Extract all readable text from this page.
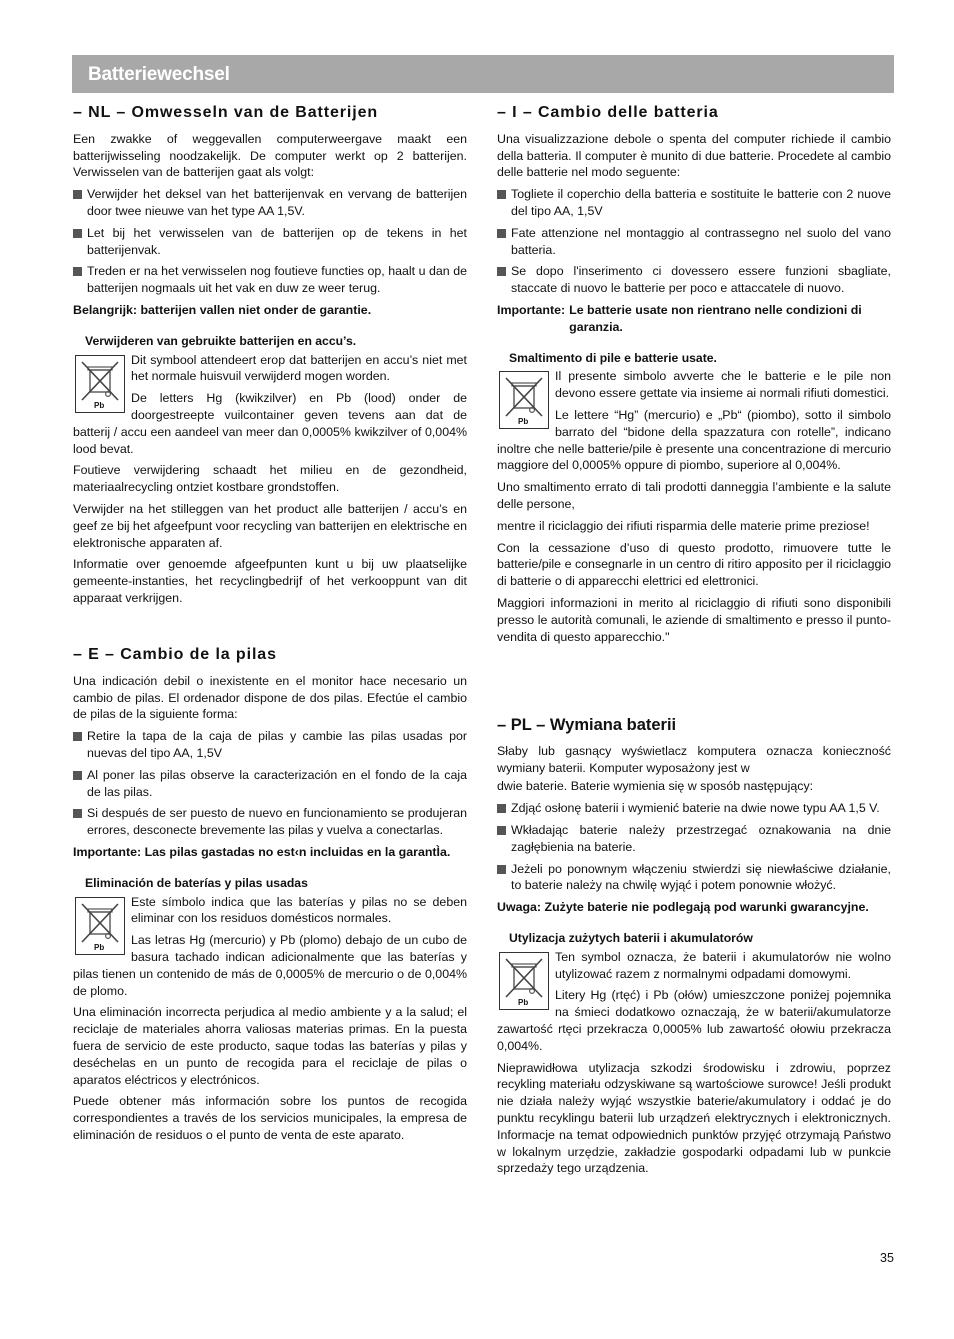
Batteriewechsel
– NL – Omwesseln van de Batterijen

Een zwakke of weggevallen computerweergave maakt een batterijwisseling noodzakelijk. De computer werkt op 2 batterijen. Verwisselen van de batterijen gaat als volgt:

Verwijder het deksel van het batterijenvak en vervang de batterijen door twee nieuwe van het type AA 1,5V.
Let bij het verwisselen van de batterijen op de tekens in het batterijenvak.
Treden er na het verwisselen nog foutieve functies op, haalt u dan de batterijen nogmaals uit het vak en duw ze weer terug.
Belangrijk: batterijen vallen niet onder de garantie.
Verwijderen van gebruikte batterijen en accu’s.
Pb

Dit symbool attendeert erop dat batterijen en accu’s niet met het normale huisvuil verwijderd mogen worden.

De letters Hg (kwikzilver) en Pb (lood) onder de doorgestreepte vuilcontainer geven tevens aan dat de batterij / accu een aandeel van meer dan 0,0005% kwikzilver of 0,004% lood bevat.

Foutieve verwijdering schaadt het milieu en de gezondheid, materiaalrecycling ontziet kostbare grondstoffen.

Verwijder na het stilleggen van het product alle batterijen / accu’s en geef ze bij het afgeefpunt voor recycling van batterijen en elektrische en elektronische apparaten af.

Informatie over genoemde afgeefpunten kunt u bij uw plaatselijke gemeente-instanties, het recyclingbedrijf of het verkooppunt van dit apparaat verkrijgen.

– E – Cambio de la pilas

Una indicación debil o inexistente en el monitor hace necesario un cambio de pilas. El ordenador dispone de dos pilas. Efectúe el cambio de pilas de la siguiente forma:

Retire la tapa de la caja de pilas y cambie las pilas usadas por nuevas del tipo AA, 1,5V
Al poner las pilas observe la caracterización en el fondo de la caja de las pilas.
Si después de ser puesto de nuevo en funcionamiento se produjeran errores, desconecte brevemente las pilas y vuelva a conectarlas.
Importante: Las pilas gastadas no est‹n incluidas en la garantÌa.
Eliminación de baterías y pilas usadas
Pb

Este símbolo indica que las baterías y pilas no se deben eliminar con los residuos domésticos normales.

Las letras Hg (mercurio) y Pb (plomo) debajo de un cubo de basura tachado indican adicionalmente que las baterías y pilas tienen un contenido de más de 0,0005% de mercurio o de 0,004% de plomo.

Una eliminación incorrecta perjudica al medio ambiente y a la salud; el reciclaje de materiales ahorra valiosas materias primas. En la puesta fuera de servicio de este producto, saque todas las baterías y pilas y deséchelas en un punto de recogida para el reciclaje de pilas o aparatos eléctricos y electrónicos.

Puede obtener más información sobre los puntos de recogida correspondientes a través de los servicios municipales, la empresa de eliminación de residuos o el punto de venta de este aparato.

– I – Cambio delle batteria

Una visualizzazione debole o spenta del computer richiede il cambio della batteria. Il computer è munito di due batterie. Procedete al cambio delle batterie nel modo seguente:

Togliete il coperchio della batteria e sostituite le batterie con 2 nuove del tipo AA, 1,5V
Fate attenzione nel montaggio al contrassegno nel suolo del vano batteria.
Se dopo l'inserimento ci dovessero essere funzioni sbagliate, staccate di nuovo le batterie per poco e attaccatele di nuovo.
Importante: Le batterie usate non rientrano nelle condizioni di garanzia.
Smaltimento di pile e batterie usate.
Pb

Il presente simbolo avverte che le batterie e le pile non devono essere gettate via insieme ai normali rifiuti domestici.

Le lettere “Hg” (mercurio) e „Pb“ (piombo), sotto il simbolo barrato del “bidone della spazzatura con rotelle”, indicano inoltre che nelle batterie/pile è presente una concentrazione di mercurio maggiore del 0,0005% oppure di piombo, superiore al 0,004%.

Uno smaltimento errato di tali prodotti danneggia l’ambiente e la salute delle persone,

mentre il riciclaggio dei rifiuti risparmia delle materie prime preziose!

Con la cessazione d’uso di questo prodotto, rimuovere tutte le batterie/pile e consegnarle in un centro di ritiro apposito per il riciclaggio di batterie o di apparecchi elettrici ed elettronici.

Maggiori informazioni in merito al riciclaggio di rifiuti sono disponibili presso le autorità comunali, le aziende di smaltimento e presso il punto-vendita di questo apparecchio."

– PL – Wymiana baterii

Słaby lub gasnący wyświetlacz komputera oznacza konieczność wymiany baterii. Komputer wyposażony jest w

dwie baterie. Baterie wymienia się w sposób następujący:

Zdjąć osłonę baterii i wymienić baterie na dwie nowe typu AA 1,5 V.
Wkładając baterie należy przestrzegać oznakowania na dnie zagłębienia na baterie.
Jeżeli po ponownym włączeniu stwierdzi się niewłaściwe działanie, to baterie należy na chwilę wyjąć i potem ponownie włożyć.
Uwaga: Zużyte baterie nie podlegają pod warunki gwarancyjne.
Utylizacja zużytych baterii i akumulatorów
Pb

Ten symbol oznacza, że baterii i akumulatorów nie wolno utylizować razem z normalnymi odpadami domowymi.

Litery Hg (rtęć) i Pb (ołów) umieszczone poniżej pojemnika na śmieci dodatkowo oznaczają, że w baterii/akumulatorze zawartość rtęci przekracza 0,0005% lub zawartość ołowiu przekracza 0,004%.

Nieprawidłowa utylizacja szkodzi środowisku i zdrowiu, poprzez recykling materiału odzyskiwane są wartościowe surowce! Jeśli produkt nie działa należy wyjąć wszystkie baterie/akumulatory i oddać je do punktu recyklingu baterii lub urządzeń elektrycznych i elektronicznych. Informacje na temat odpowiednich punktów przyjęć otrzymają Państwo w lokalnym urzędzie, zakładzie gospodarki odpadami lub w punkcie sprzedaży tego urządzenia.

35
